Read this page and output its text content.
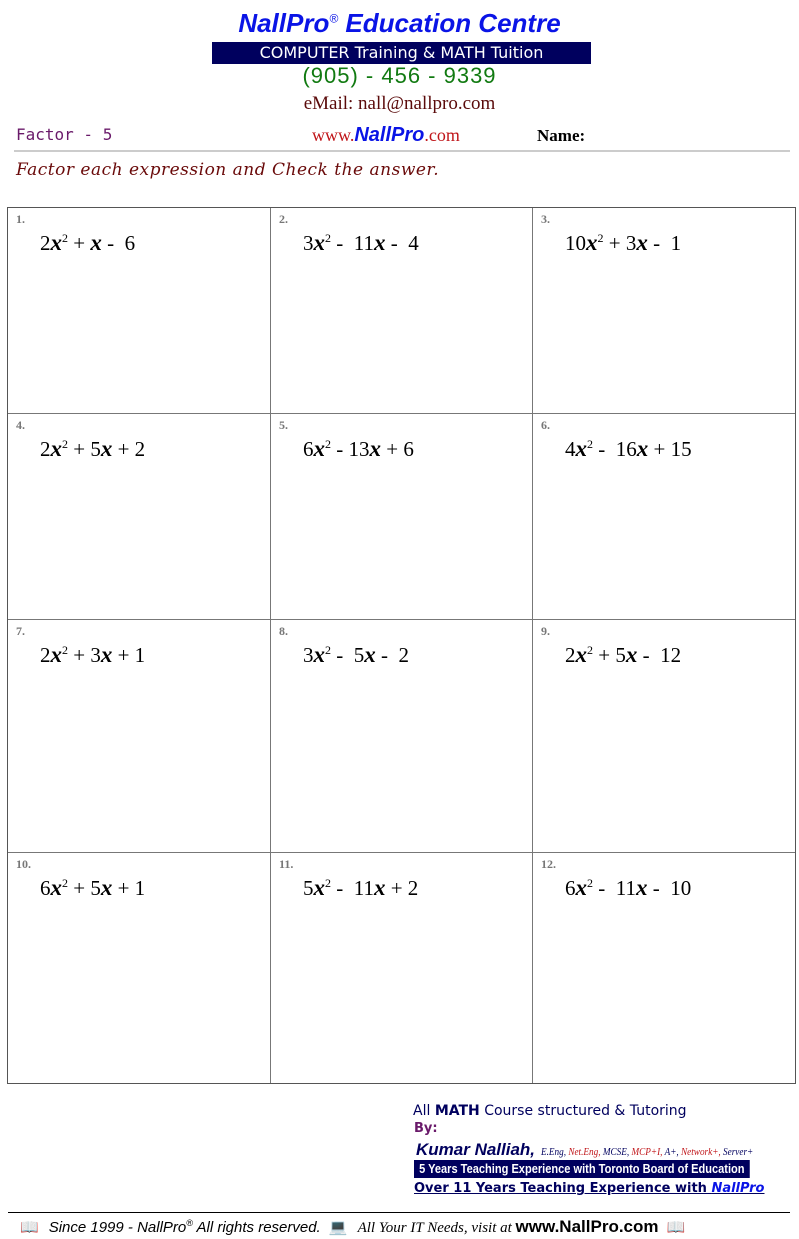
NallPro® Education Centre
COMPUTER Training & MATH Tuition
(905) - 456 - 9339
eMail: nall@nallpro.com
Factor - 5	www.NallPro.com	Name:
Factor each expression and Check the answer.
1.
$2x^2 + x - 6$
2.
$3x^2 - 11x - 4$
3.
$10x^2 + 3x - 1$
4.
$2x^2 + 5x + 2$
5.
$6x^2 - 13x + 6$
6.
$4x^2 - 16x + 15$
7.
$2x^2 + 3x + 1$
8.
$3x^2 - 5x - 2$
9.
$2x^2 + 5x - 12$
10.
$6x^2 + 5x + 1$
11.
$5x^2 - 11x + 2$
12.
$6x^2 - 11x - 10$
All MATH Course structured & Tutoring
By:
Kumar Nalliah, E.Eng, Net.Eng, MCSE, MCP+I, A+, Network+, Server+
5 Years Teaching Experience with Toronto Board of Education
Over 11 Years Teaching Experience with NallPro
📖 Since 1999 - NallPro® All rights reserved. 💻 All Your IT Needs, visit at www.NallPro.com 📖
